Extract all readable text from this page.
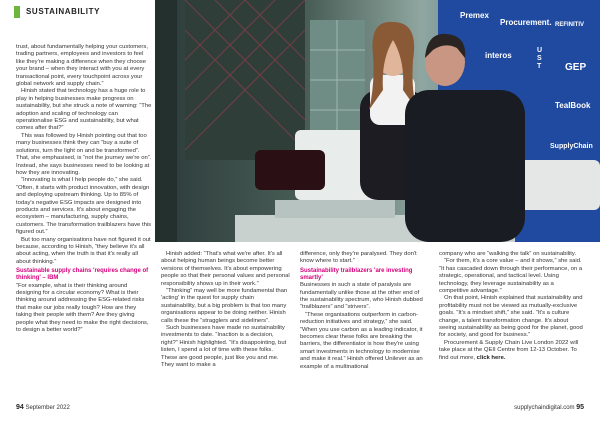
SUSTAINABILITY	Premex
Procurement. REFINITIV
interos
U
S
T GEP
TealBook
SupplyChain

trust, about fundamentally helping your customers, trading partners, employees and investors to feel like they're making a difference when they choose your brand – when they interact with you at every transactional point, every touchpoint across your global network and supply chain.”

Hinish stated that technology has a huge role to play in helping businesses make progress on sustainability, but she struck a note of warning: “The adoption and scaling of technology can operationalise ESG and sustainability, but what comes after that?”

This was followed by Hinish pointing out that too many businesses think they can “buy a suite of solutions, turn the light on and be transformed”. That, she emphasised, is “not the journey we're on”. Instead, she says businesses need to be looking at how they are innovating.

“Innovating is what I help people do,” she said. “Often, it starts with product innovation, with design and deploying upstream thinking. Up to 85% of today's negative ESG impacts are designed into products and services. It's about engaging the ecosystem – manufacturing, supply chains, customers. The transformation trailblazers have this figured out.”

But too many organisations have not figured it out because, according to Hinish, “they believe it's all about acting, when the truth is that it's really all about thinking.”

Sustainable supply chains 'requires change of thinking' – IBM

“For example, what is their thinking around designing for a circular economy? What is their thinking around addressing the ESG-related risks that make our jobs really tough? How are they taking their people with them? Are they giving people what they need to make the right decisions, to design a better world?”

Hinish added: “That's what we're after. It's all about helping human beings become better versions of themselves. It's about empowering people so that their personal values and personal responsibility shows up in their work.”

“Thinking” may well be more fundamental than 'acting' in the quest for supply chain sustainability, but a big problem is that too many organisations appear to be doing neither. Hinish calls these the “stragglers and sideliners”.

Such businesses have made no sustainability investments to date. “Inaction is a decision, right?” Hinish highlighted. “It's disappointing, but listen, I spend a lot of time with these folks. These are good people, just like you and me. They want to make a

difference, only they're paralysed. They don't know where to start.”

Sustainability trailblazers 'are investing smartly'

Businesses in such a state of paralysis are fundamentally unlike those at the other end of the sustainability spectrum, who Hinish dubbed “trailblazers” and “strivers”.

“These organisations outperform in carbon-reduction initiatives and strategy,” she said. “When you use carbon as a leading indicator, it becomes clear these folks are breaking the barriers, the differentiator is how they're using smart investments in technology to modernise and make it real.” Hinish offered Unilever as an example of a multinational

company who are “walking the talk” on sustainability.

“For them, it's a core value – and it shows,” she said. “It has cascaded down through their performance, on a strategic, operational, and tactical level. Using technology, they leverage sustainability as a competitive advantage.”

On that point, Hinish explained that sustainability and profitability must not be viewed as mutually-exclusive goals. “It's a mindset shift,” she said. “It's a culture change, a talent transformation change. It's about seeing sustainability as being good for the planet, good for society, and good for business.”

Procurement & Supply Chain Live London 2022 will take place at the QEII Centre from 12-13 October. To find out more, click here.

94 September 2022	supplychaindigital.com 95
